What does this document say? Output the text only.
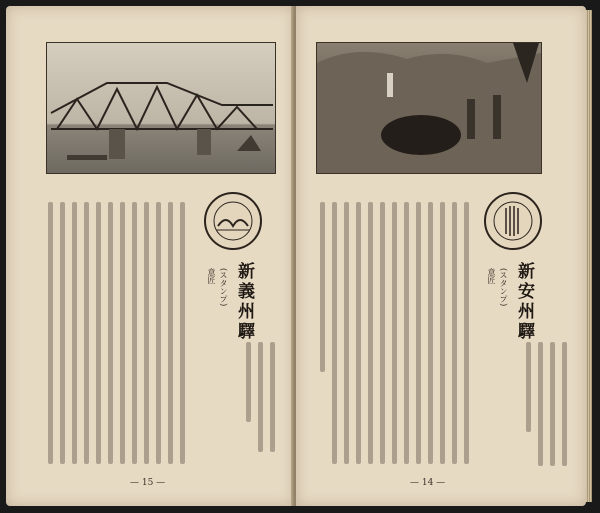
新義州驛
(スタンプ)
意匠
— 15 —
新安州驛
(スタンプ)
意匠
— 14 —
